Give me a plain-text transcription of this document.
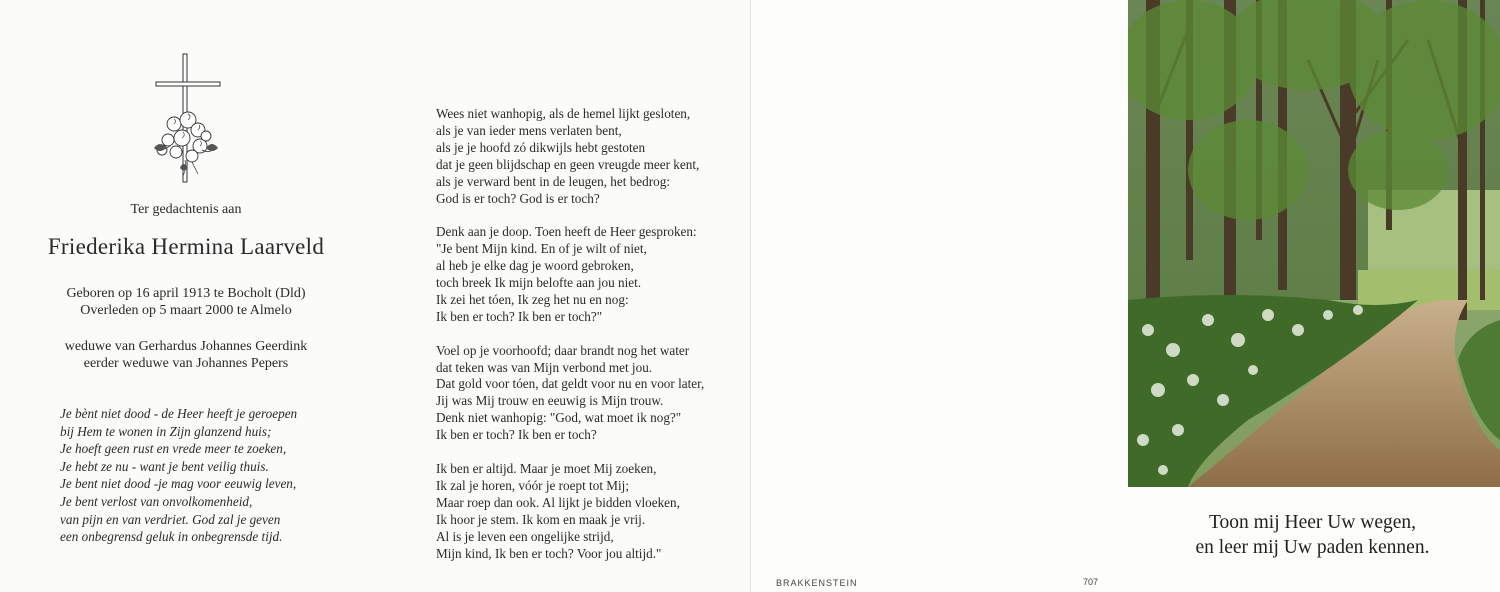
Ter gedachtenis aan
Friederika Hermina Laarveld
Geboren op 16 april 1913 te Bocholt (Dld)
Overleden op 5 maart 2000 te Almelo
weduwe van Gerhardus Johannes Geerdink
eerder weduwe van Johannes Pepers
Je bènt niet dood - de Heer heeft je geroepen
bij Hem te wonen in Zijn glanzend huis;
Je hoeft geen rust en vrede meer te zoeken,
Je hebt ze nu - want je bent veilig thuis.
Je bent niet dood -je mag voor eeuwig leven,
Je bent verlost van onvolkomenheid,
van pijn en van verdriet. God zal je geven
een onbegrensd geluk in onbegrensde tijd.
Wees niet wanhopig, als de hemel lijkt gesloten,
als je van ieder mens verlaten bent,
als je je hoofd zó dikwijls hebt gestoten
dat je geen blijdschap en geen vreugde meer kent,
als je verward bent in de leugen, het bedrog:
God is er toch? God is er toch?
Denk aan je doop. Toen heeft de Heer gesproken:
"Je bent Mijn kind. En of je wilt of niet,
al heb je elke dag je woord gebroken,
toch breek Ik mijn belofte aan jou niet.
Ik zei het tóen, Ik zeg het nu en nog:
Ik ben er toch? Ik ben er toch?"
Voel op je voorhoofd; daar brandt nog het water
dat teken was van Mijn verbond met jou.
Dat gold voor tóen, dat geldt voor nu en voor later,
Jij was Mij trouw en eeuwig is Mijn trouw.
Denk niet wanhopig: "God, wat moet ik nog?"
Ik ben er toch? Ik ben er toch?
Ik ben er altijd. Maar je moet Mij zoeken,
Ik zal je horen, vóór je roept tot Mij;
Maar roep dan ook. Al lijkt je bidden vloeken,
Ik hoor je stem. Ik kom en maak je vrij.
Al is je leven een ongelijke strijd,
Mijn kind, Ik ben er toch? Voor jou altijd."
BRAKKENSTEIN	707
Toon mij Heer Uw wegen,
en leer mij Uw paden kennen.
